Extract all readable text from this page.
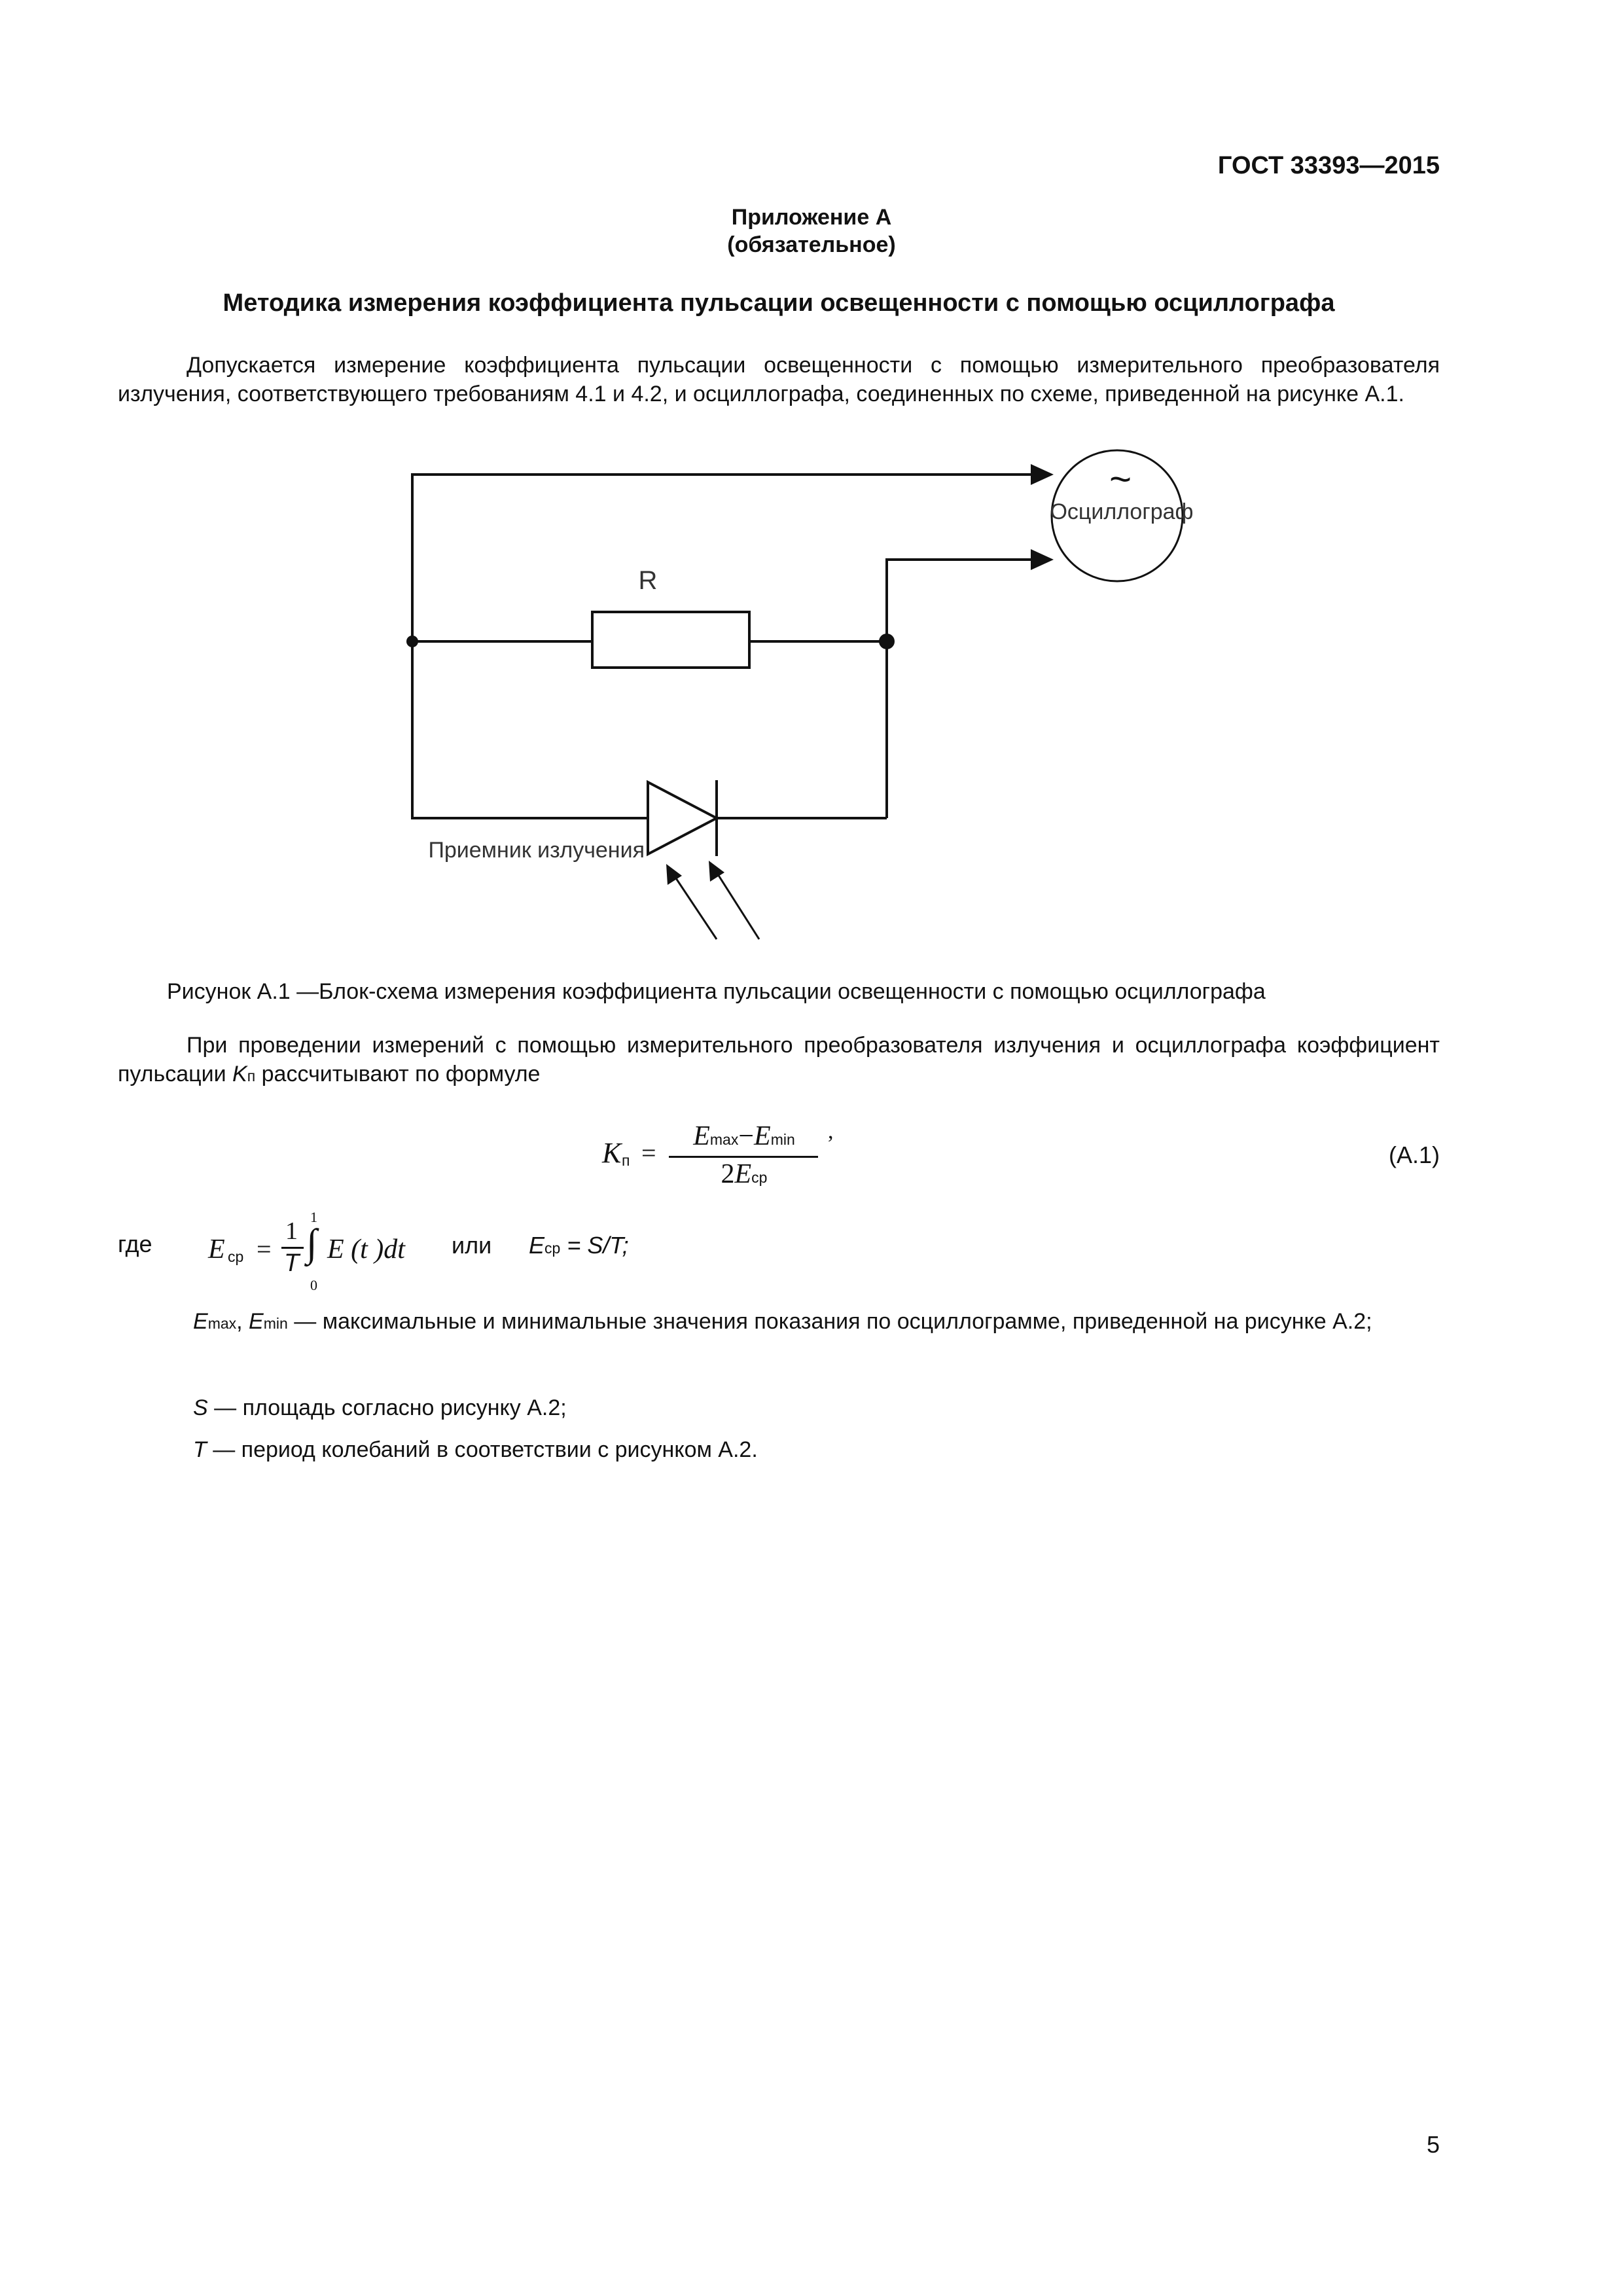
ГОСТ 33393—2015
Приложение А
(обязательное)
Методика измерения коэффициента пульсации освещенности с помощью осциллографа
Допускается измерение коэффициента пульсации освещенности с помощью измерительного преобразователя излучения, соответствующего требованиям 4.1 и 4.2, и осциллографа, соединенных по схеме, приведенной на рисунке А.1.
~
Осциллограф
R
Приемник излучения
Рисунок А.1 —Блок-схема измерения коэффициента пульсации освещенности с помощью осциллографа
При проведении измерений с помощью измерительного преобразователя излучения и осциллографа коэффициент пульсации Kп рассчитывают по формуле
K п =
Emax−Emin
2Eср
,
(А.1)
где E ср =
1
T
1
∫
0
E (t )dt или Eср = S/T;
Emax, Emin — максимальные и минимальные значения показания по осциллограмме, приведенной на рисунке А.2;
S — площадь согласно рисунку А.2;
T — период колебаний в соответствии с рисунком А.2.
5
